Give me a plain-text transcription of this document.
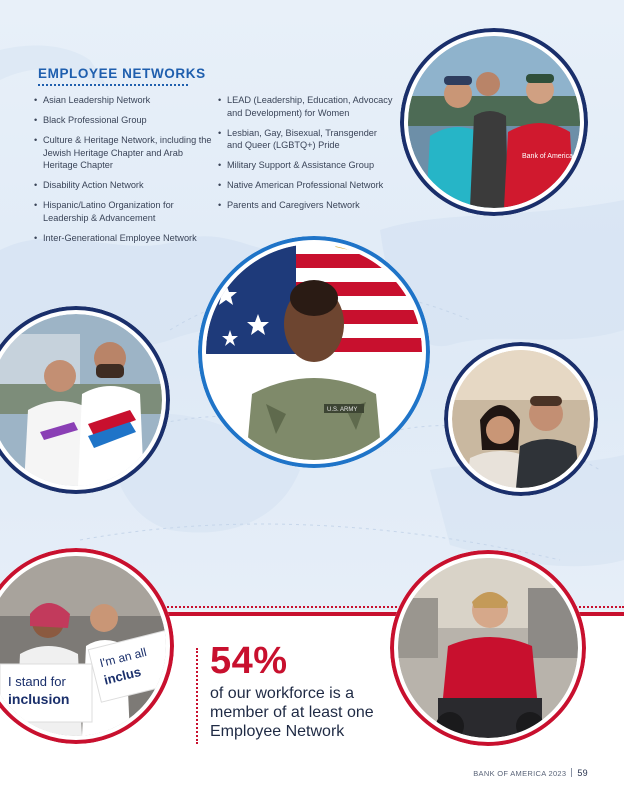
EMPLOYEE NETWORKS
• Asian Leadership Network
• Black Professional Group
• Culture & Heritage Network, including the Jewish Heritage Chapter and Arab Heritage Chapter
• Disability Action Network
• Hispanic/Latino Organization for Leadership & Advancement
• Inter-Generational Employee Network
• LEAD (Leadership, Education, Advocacy and Development) for Women
• Lesbian, Gay, Bisexual, Transgender and Queer (LGBTQ+) Pride
• Military Support & Assistance Group
• Native American Professional Network
• Parents and Caregivers Network
Bank of America
U.S. ARMY
I stand for
inclusion
I'm an all
inclus 54%
of our workforce is a member of at least one Employee Network
BANK OF AMERICA 2023 59
